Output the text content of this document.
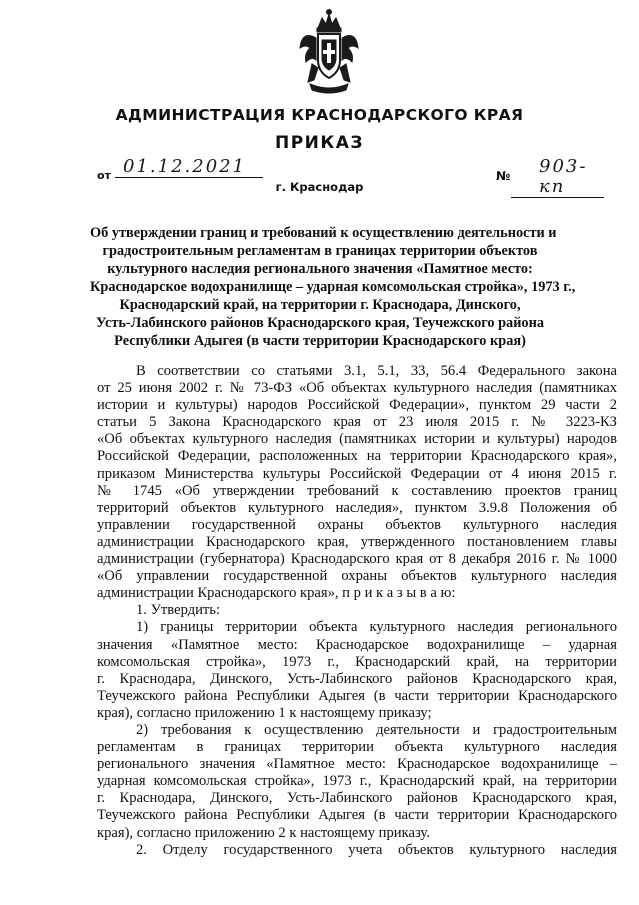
АДМИНИСТРАЦИЯ КРАСНОДАРСКОГО КРАЯ
ПРИКАЗ
от 01.12.2021	№	903-кп
г. Краснодар
Об утверждении границ и требований к осуществлению деятельности и
градостроительным регламентам в границах территории объектов
культурного наследия регионального значения «Памятное место:
Краснодарское водохранилище – ударная комсомольская стройка», 1973 г.,
Краснодарский край, на территории г. Краснодара, Динского,
Усть-Лабинского районов Краснодарского края, Теучежского района
Республики Адыгея (в части территории Краснодарского края)
В соответствии со статьями 3.1, 5.1, 33, 56.4 Федерального закона
от 25 июня 2002 г. № 73-ФЗ «Об объектах культурного наследия (памятниках
истории и культуры) народов Российской Федерации», пунктом 29 части 2
статьи 5 Закона Краснодарского края от 23 июля 2015 г. № 3223-КЗ
«Об объектах культурного наследия (памятниках истории и культуры) народов
Российской Федерации, расположенных на территории Краснодарского края»,
приказом Министерства культуры Российской Федерации от 4 июня 2015 г.
№ 1745 «Об утверждении требований к составлению проектов границ
территорий объектов культурного наследия», пунктом 3.9.8 Положения об
управлении государственной охраны объектов культурного наследия
администрации Краснодарского края, утвержденного постановлением главы
администрации (губернатора) Краснодарского края от 8 декабря 2016 г. № 1000
«Об управлении государственной охраны объектов культурного наследия
администрации Краснодарского края», п р и к а з ы в а ю:
1. Утвердить:
1) границы территории объекта культурного наследия регионального
значения «Памятное место: Краснодарское водохранилище – ударная
комсомольская стройка», 1973 г., Краснодарский край, на территории
г. Краснодара, Динского, Усть-Лабинского районов Краснодарского края,
Теучежского района Республики Адыгея (в части территории Краснодарского
края), согласно приложению 1 к настоящему приказу;
2) требования к осуществлению деятельности и градостроительным
регламентам в границах территории объекта культурного наследия
регионального значения «Памятное место: Краснодарское водохранилище –
ударная комсомольская стройка», 1973 г., Краснодарский край, на территории
г. Краснодара, Динского, Усть-Лабинского районов Краснодарского края,
Теучежского района Республики Адыгея (в части территории Краснодарского
края), согласно приложению 2 к настоящему приказу.
2. Отделу государственного учета объектов культурного наследия
